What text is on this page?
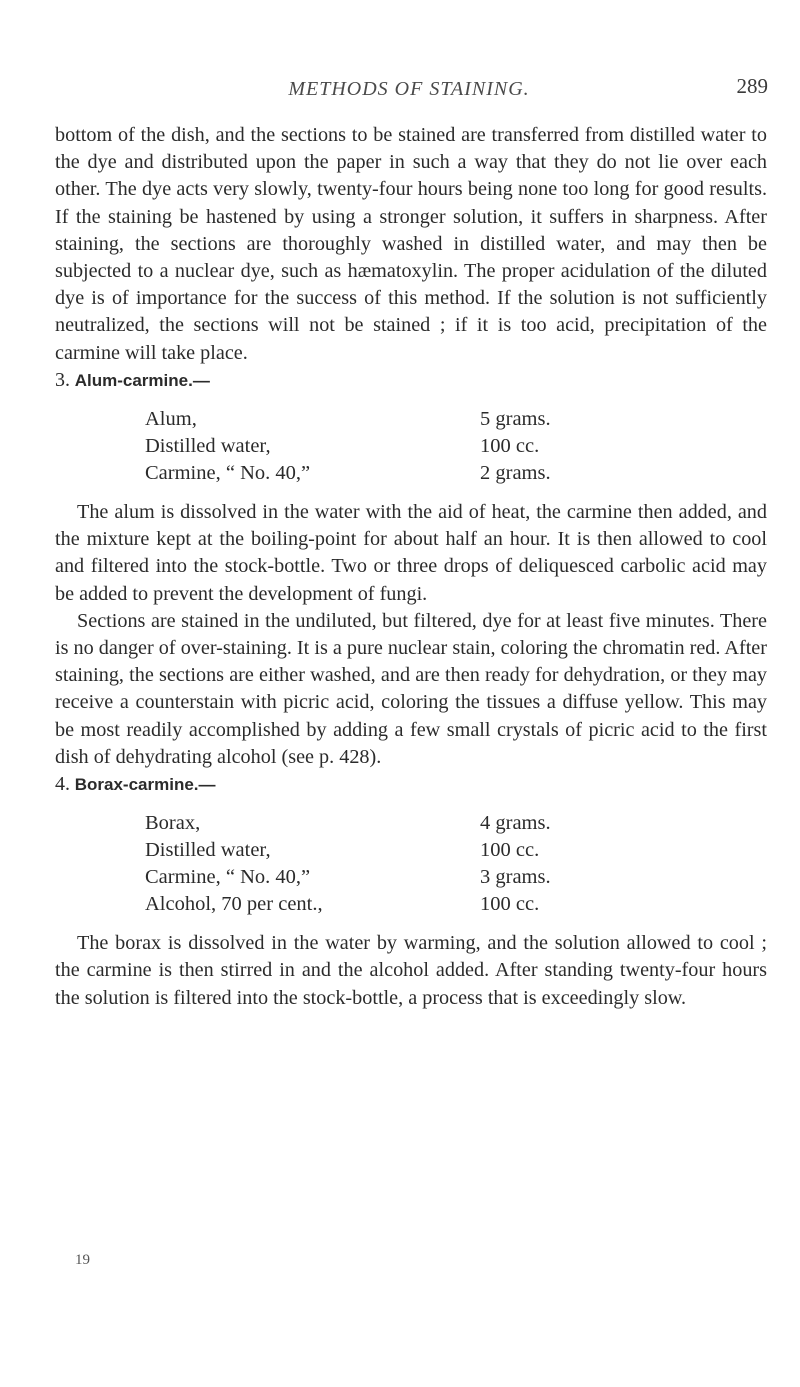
METHODS OF STAINING.	289

bottom of the dish, and the sections to be stained are transferred from distilled water to the dye and distributed upon the paper in such a way that they do not lie over each other. The dye acts very slowly, twenty-four hours being none too long for good results. If the staining be hastened by using a stronger solution, it suffers in sharpness. After staining, the sections are thoroughly washed in distilled water, and may then be subjected to a nuclear dye, such as hæmatoxylin. The proper acidulation of the diluted dye is of importance for the success of this method. If the solution is not sufficiently neutralized, the sections will not be stained ; if it is too acid, precipitation of the carmine will take place.

3. Alum-carmine.—

Alum,	5 grams.
Distilled water,	100 cc.
Carmine, “ No. 40,”	2 grams.

The alum is dissolved in the water with the aid of heat, the carmine then added, and the mixture kept at the boiling-point for about half an hour. It is then allowed to cool and filtered into the stock-bottle. Two or three drops of deliquesced carbolic acid may be added to prevent the development of fungi.

Sections are stained in the undiluted, but filtered, dye for at least five minutes. There is no danger of over-staining. It is a pure nuclear stain, coloring the chromatin red. After staining, the sections are either washed, and are then ready for dehydration, or they may receive a counterstain with picric acid, coloring the tissues a diffuse yellow. This may be most readily accomplished by adding a few small crystals of picric acid to the first dish of dehydrating alcohol (see p. 428).

4. Borax-carmine.—

Borax,	4 grams.
Distilled water,	100 cc.
Carmine, “ No. 40,”	3 grams.
Alcohol, 70 per cent.,	100 cc.

The borax is dissolved in the water by warming, and the solution allowed to cool ; the carmine is then stirred in and the alcohol added. After standing twenty-four hours the solution is filtered into the stock-bottle, a process that is exceedingly slow.

19
